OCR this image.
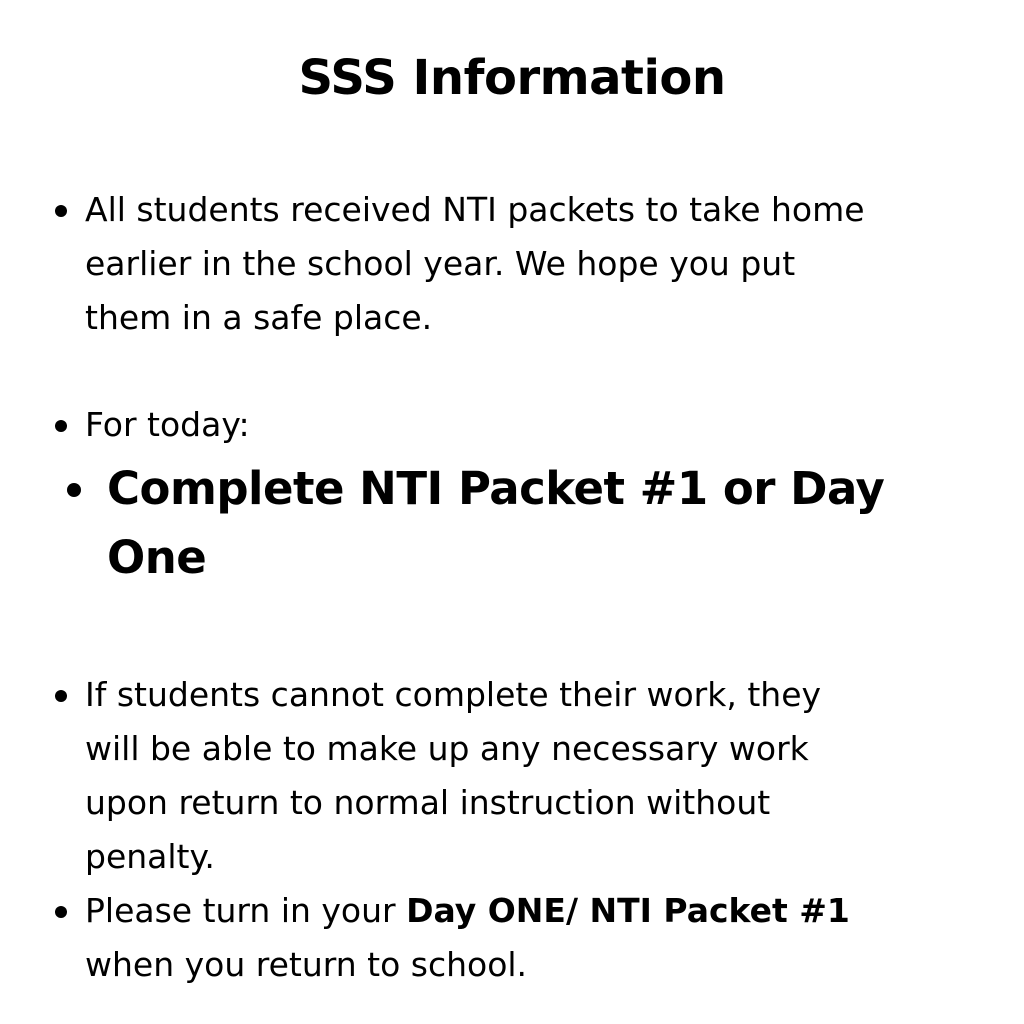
SSS Information
All students received NTI packets to take home
earlier in the school year. We hope you put
them in a safe place.
For today:
Complete NTI Packet #1 or Day
One
If students cannot complete their work, they
will be able to make up any necessary work
upon return to normal instruction without
penalty.
Please turn in your Day ONE/ NTI Packet #1
when you return to school.
